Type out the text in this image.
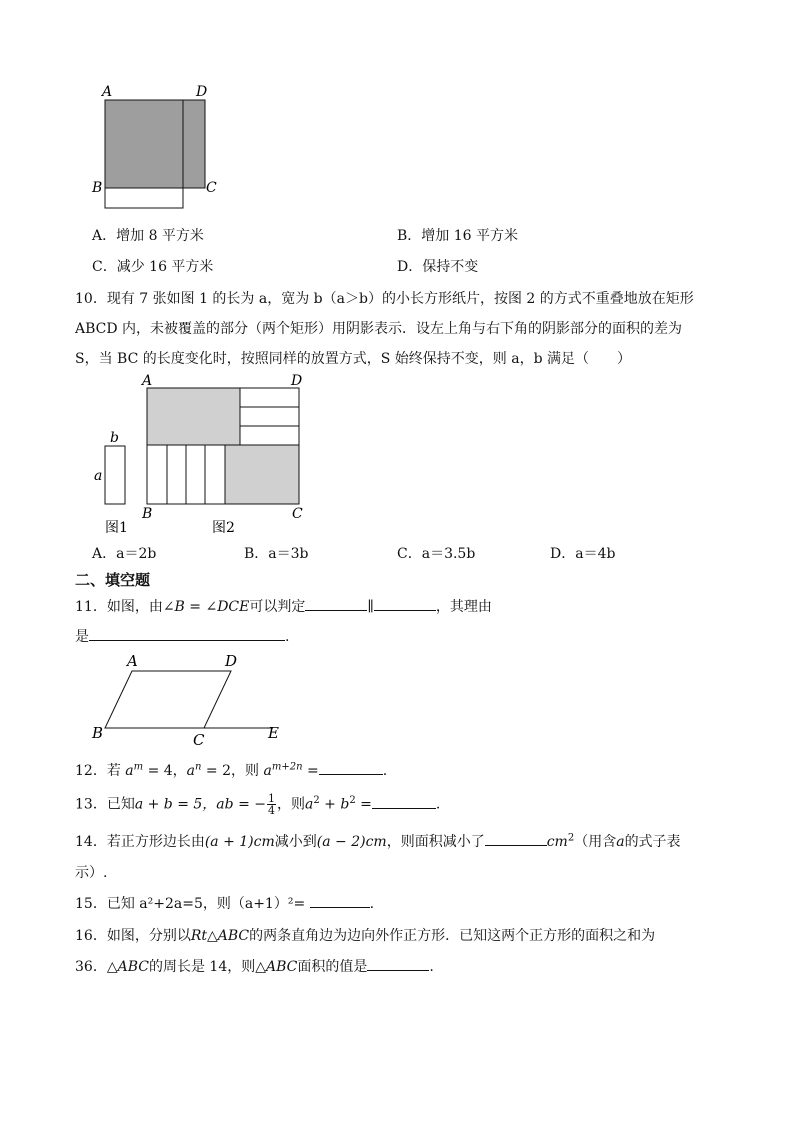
A	D
B	C
A．增加 8 平方米	B．增加 16 平方米
C．减少 16 平方米	D．保持不变
10．现有 7 张如图 1 的长为 a，宽为 b（a＞b）的小长方形纸片，按图 2 的方式不重叠地放在矩形
ABCD 内，未被覆盖的部分（两个矩形）用阴影表示．设左上角与右下角的阴影部分的面积的差为
S，当 BC 的长度变化时，按照同样的放置方式，S 始终保持不变，则 a，b 满足（　　）
b
a
A	D
B	C
图1	图2
A．a＝2b	B．a＝3b	C．a＝3.5b	D．a＝4b
二、填空题
11．如图，由∠B = ∠DCE可以判定	∥	，其理由
是	.
A	D
B	C	E
12．若 $a^m = 4$，$a^n = 2$，则 $a^{m+2n}$ =	.
13．已知a + b = 5，ab = − $\frac{1}{4}$ ，则$a^2 + b^2$ =	.
14．若正方形边长由(a + 1)cm减小到(a − 2)cm，则面积减小了	$cm^2$（用含a的式子表
示）.
15．已知 a²+2a=5，则（a+1）²=	.
16．如图，分别以Rt△ABC的两条直角边为边向外作正方形．已知这两个正方形的面积之和为
36．△ABC的周长是 14，则△ABC面积的值是	.
